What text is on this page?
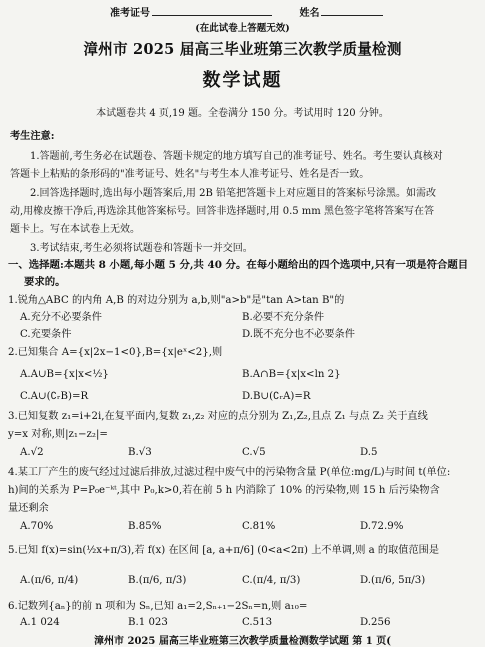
准考证号	姓名
(在此试卷上答题无效)
漳州市 2025 届高三毕业班第三次教学质量检测
数学试题
本试题卷共 4 页,19 题。全卷满分 150 分。考试用时 120 分钟。
考生注意:
1.答题前,考生务必在试题卷、答题卡规定的地方填写自己的准考证号、姓名。考生要认真核对
答题卡上粘贴的条形码的"准考证号、姓名"与考生本人准考证号、姓名是否一致。
2.回答选择题时,选出每小题答案后,用 2B 铅笔把答题卡上对应题目的答案标号涂黑。如需改
动,用橡皮擦干净后,再选涂其他答案标号。回答非选择题时,用 0.5 mm 黑色签字笔将答案写在答
题卡上。写在本试卷上无效。
3.考试结束,考生必须将试题卷和答题卡一并交回。
一、选择题:本题共 8 小题,每小题 5 分,共 40 分。在每小题给出的四个选项中,只有一项是符合题目
要求的。
1.锐角△ABC 的内角 A,B 的对边分别为 a,b,则"a>b"是"tan A>tan B"的
A.充分不必要条件	B.必要不充分条件
C.充要条件	D.既不充分也不必要条件
2.已知集合 A={x|2x−1<0},B={x|eˣ<2},则
A.A∪B={x|x<½}	B.A∩B={x|x<ln 2}
C.A∪(∁ᵣB)=R	D.B∪(∁ᵣA)=R
3.已知复数 z₁=i+2i,在复平面内,复数 z₁,z₂ 对应的点分别为 Z₁,Z₂,且点 Z₁ 与点 Z₂ 关于直线
y=x 对称,则|z₁−z₂|=
A.√2	B.√3	C.√5	D.5
4.某工厂产生的废气经过过滤后排放,过滤过程中废气中的污染物含量 P(单位:mg/L)与时间 t(单位:
h)间的关系为 P=P₀e⁻ᵏᵗ,其中 P₀,k>0,若在前 5 h 内消除了 10% 的污染物,则 15 h 后污染物含
量还剩余
A.70%	B.85%	C.81%	D.72.9%
5.已知 f(x)=sin(½x+π/3),若 f(x) 在区间 [a, a+π/6] (0<a<2π) 上不单调,则 a 的取值范围是
A.(π/6, π/4)	B.(π/6, π/3)	C.(π/4, π/3)	D.(π/6, 5π/3)
6.记数列{aₙ}的前 n 项和为 Sₙ,已知 a₁=2,Sₙ₊₁−2Sₙ=n,则 a₁₀=
A.1 024	B.1 023	C.513	D.256
漳州市 2025 届高三毕业班第三次教学质量检测数学试题 第 1 页(
